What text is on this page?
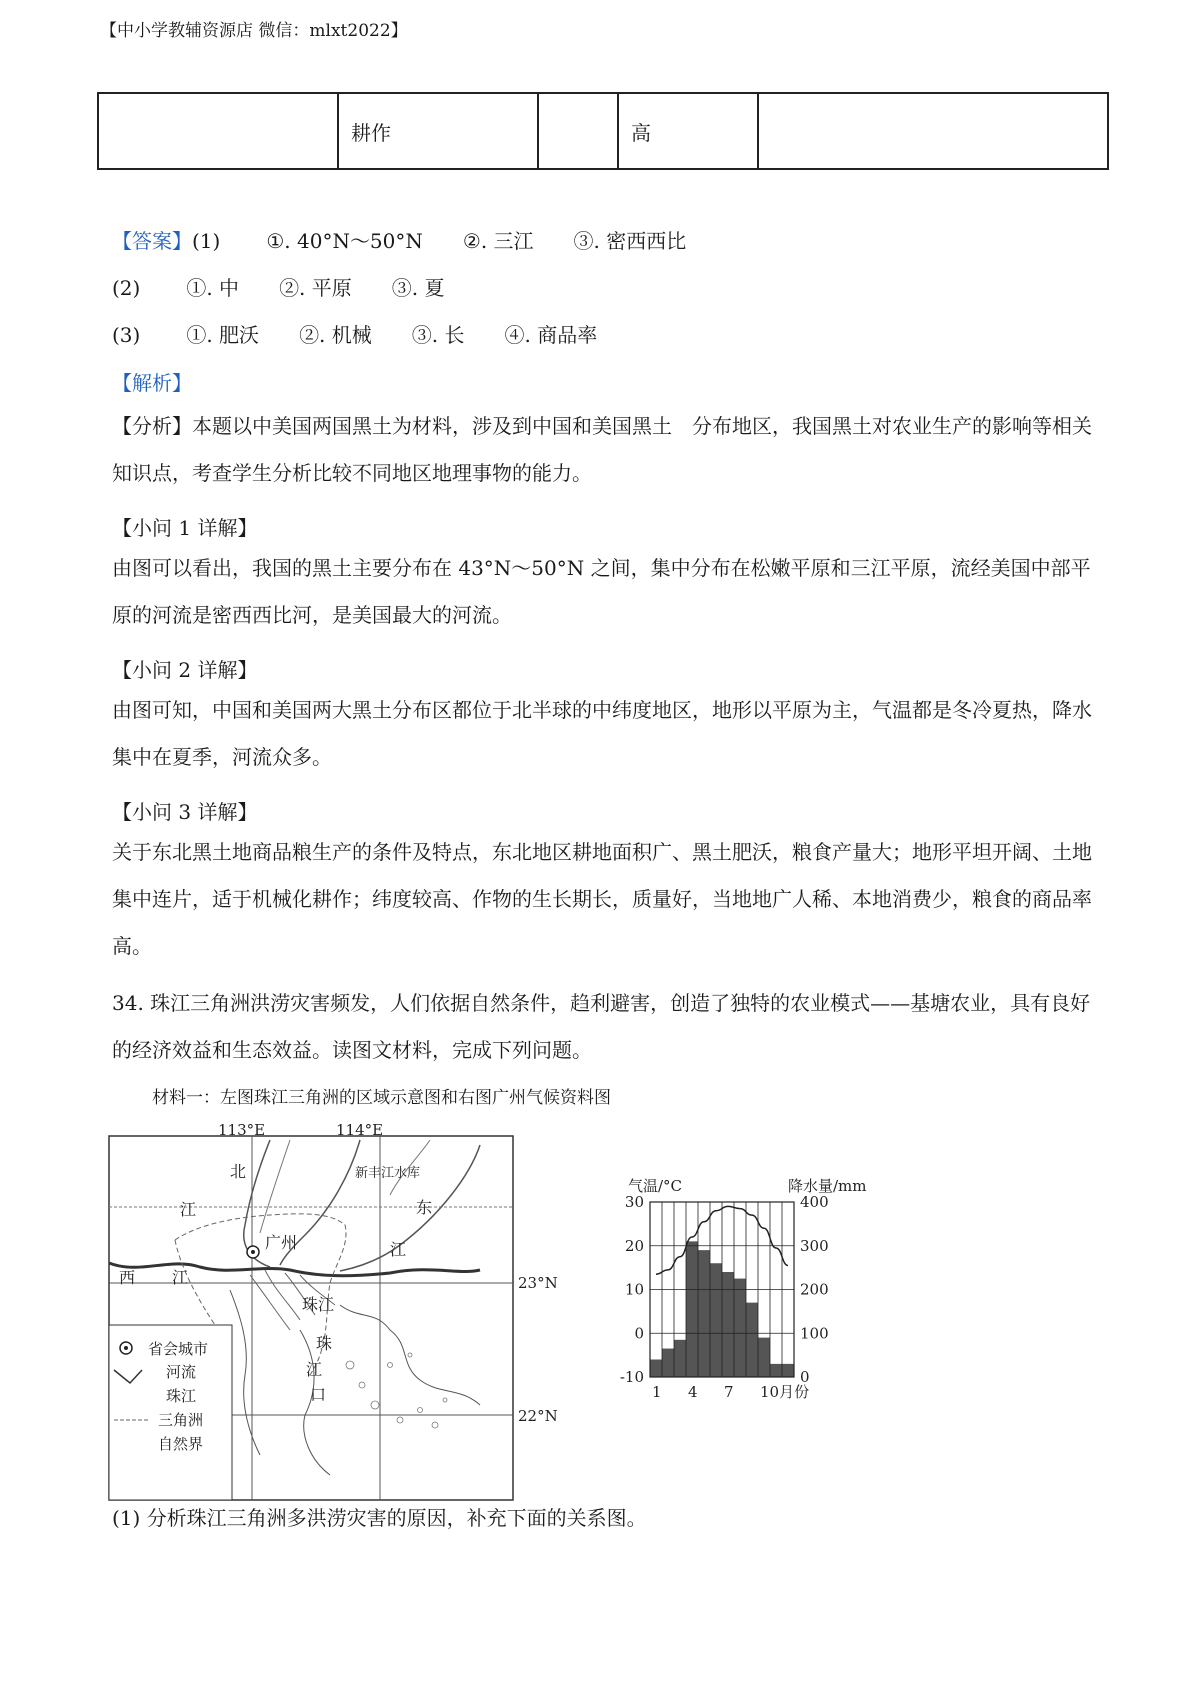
【中小学教辅资源店 微信：mlxt2022】
	耕作		高	
【答案】(1) ①. 40°N～50°N ②. 三江 ③. 密西西比
(2) ①. 中 ②. 平原 ③. 夏
(3) ①. 肥沃 ②. 机械 ③. 长 ④. 商品率
【解析】
【分析】本题以中美国两国黑土为材料，涉及到中国和美国黑土　分布地区，我国黑土对农业生产的影响等相关知识点，考查学生分析比较不同地区地理事物的能力。
【小问 1 详解】
由图可以看出，我国的黑土主要分布在 43°N～50°N 之间，集中分布在松嫩平原和三江平原，流经美国中部平原的河流是密西西比河，是美国最大的河流。
【小问 2 详解】
由图可知，中国和美国两大黑土分布区都位于北半球的中纬度地区，地形以平原为主，气温都是冬冷夏热，降水集中在夏季，河流众多。
【小问 3 详解】
关于东北黑土地商品粮生产的条件及特点，东北地区耕地面积广、黑土肥沃，粮食产量大；地形平坦开阔、土地集中连片，适于机械化耕作；纬度较高、作物的生长期长，质量好，当地地广人稀、本地消费少，粮食的商品率高。
34. 珠江三角洲洪涝灾害频发，人们依据自然条件，趋利避害，创造了独特的农业模式——基塘农业，具有良好的经济效益和生态效益。读图文材料，完成下列问题。
材料一：左图珠江三角洲的区域示意图和右图广州气候资料图
113°E	114°E
23°N
22°N
北
江
新丰江水库
东
江
广州
西 江
珠江
珠
江
口
省会城市
河流
珠江
三角洲
自然界
气温/°C	降水量/mm
30
20
10
0
-10
400
300
200
100
0
1 4 7 10月份
(1) 分析珠江三角洲多洪涝灾害的原因，补充下面的关系图。
